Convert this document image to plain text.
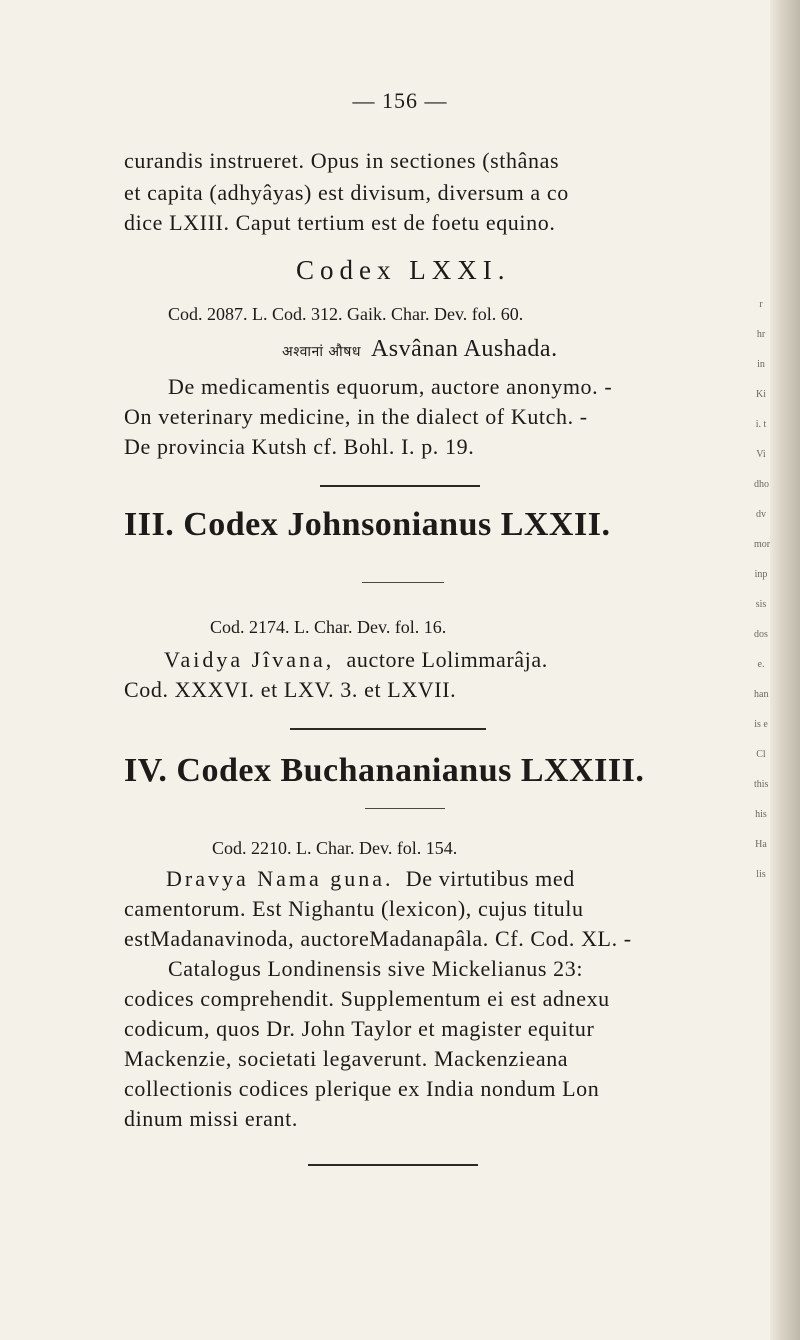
r
hr
in
Ki
i. t
Vi
dho
dv
mor
inp
sis
dos
e.
han
is e
Cl
this
his
Ha
lis
— 156 —
curandis instrueret. Opus in sectiones (sthânas
et capita (adhyâyas) est divisum, diversum a co
dice LXIII. Caput tertium est de foetu equino.
Codex LXXI.
Cod. 2087. L. Cod. 312. Gaik. Char. Dev. fol. 60.
अश्वानां औषध Asvânan Aushada.
De medicamentis equorum, auctore anonymo. -
On veterinary medicine, in the dialect of Kutch. -
De provincia Kutsh cf. Bohl. I. p. 19.
III. Codex Johnsonianus LXXII.
Cod. 2174. L. Char. Dev. fol. 16.
Vaidya Jîvana, auctore Lolimmarâja.
Cod. XXXVI. et LXV. 3. et LXVII.
IV. Codex Buchananianus LXXIII.
Cod. 2210. L. Char. Dev. fol. 154.
Dravya Nama guna. De virtutibus med
camentorum. Est Nighantu (lexicon), cujus titulu
estMadanavinoda, auctoreMadanapâla. Cf. Cod. XL. -
Catalogus Londinensis sive Mickelianus 23:
codices comprehendit. Supplementum ei est adnexu
codicum, quos Dr. John Taylor et magister equitur
Mackenzie, societati legaverunt. Mackenzieana
collectionis codices plerique ex India nondum Lon
dinum missi erant.
